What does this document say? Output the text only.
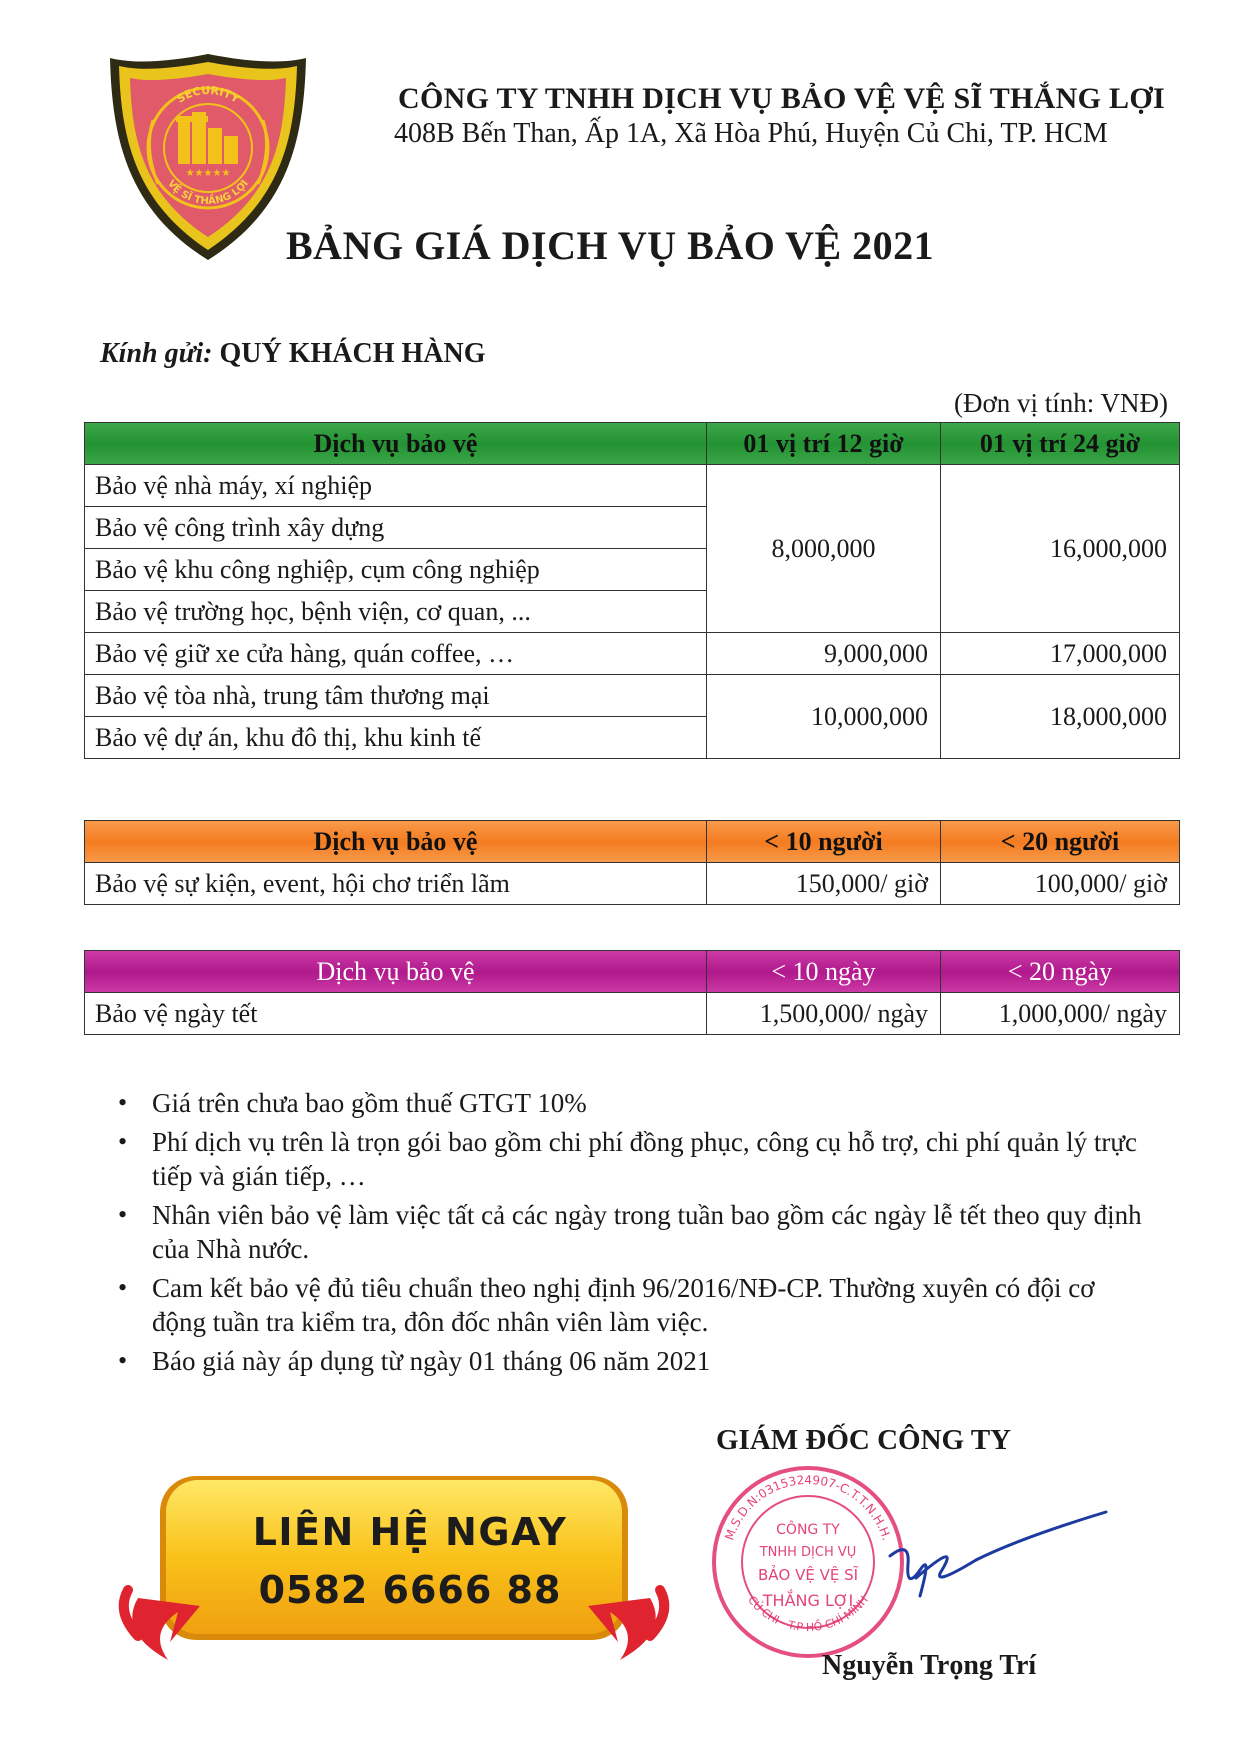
SECURITY
VỆ SĨ THẮNG LỢI
★★★★★
CÔNG TY TNHH DỊCH VỤ BẢO VỆ VỆ SĨ THẮNG LỢI
408B Bến Than, Ấp 1A, Xã Hòa Phú, Huyện Củ Chi, TP. HCM
BẢNG GIÁ DỊCH VỤ BẢO VỆ 2021
Kính gửi: QUÝ KHÁCH HÀNG
(Đơn vị tính: VNĐ)
Dịch vụ bảo vệ	01 vị trí 12 giờ	01 vị trí 24 giờ
Bảo vệ nhà máy, xí nghiệp	8,000,000	16,000,000
Bảo vệ công trình xây dựng		
Bảo vệ khu công nghiệp, cụm công nghiệp		
Bảo vệ trường học, bệnh viện, cơ quan, ...		
Bảo vệ giữ xe cửa hàng, quán coffee, …	9,000,000	17,000,000
Bảo vệ tòa nhà, trung tâm thương mại	10,000,000	18,000,000
Bảo vệ dự án, khu đô thị, khu kinh tế		
Dịch vụ bảo vệ	< 10 người	< 20 người
Bảo vệ sự kiện, event, hội chơ triển lãm	150,000/ giờ	100,000/ giờ
Dịch vụ bảo vệ	< 10 ngày	< 20 ngày
Bảo vệ ngày tết	1,500,000/ ngày	1,000,000/ ngày
• Giá trên chưa bao gồm thuế GTGT 10%
• Phí dịch vụ trên là trọn gói bao gồm chi phí đồng phục, công cụ hỗ trợ, chi phí quản lý trực tiếp và gián tiếp, …
• Nhân viên bảo vệ làm việc tất cả các ngày trong tuần bao gồm các ngày lễ tết theo quy định của Nhà nước.
• Cam kết bảo vệ đủ tiêu chuẩn theo nghị định 96/2016/NĐ-CP. Thường xuyên có đội cơ động tuần tra kiểm tra, đôn đốc nhân viên làm việc.
• Báo giá này áp dụng từ ngày 01 tháng 06 năm 2021
LIÊN HỆ NGAY
0582 6666 88
GIÁM ĐỐC CÔNG TY
M.S.D.N:0315324907-C.T.T.N.H.H.
CỦ CHI - T.P HỒ CHÍ MINH
CÔNG TY
TNHH DỊCH VỤ
BẢO VỆ VỆ SĨ
THẮNG LỢI
Nguyễn Trọng Trí
